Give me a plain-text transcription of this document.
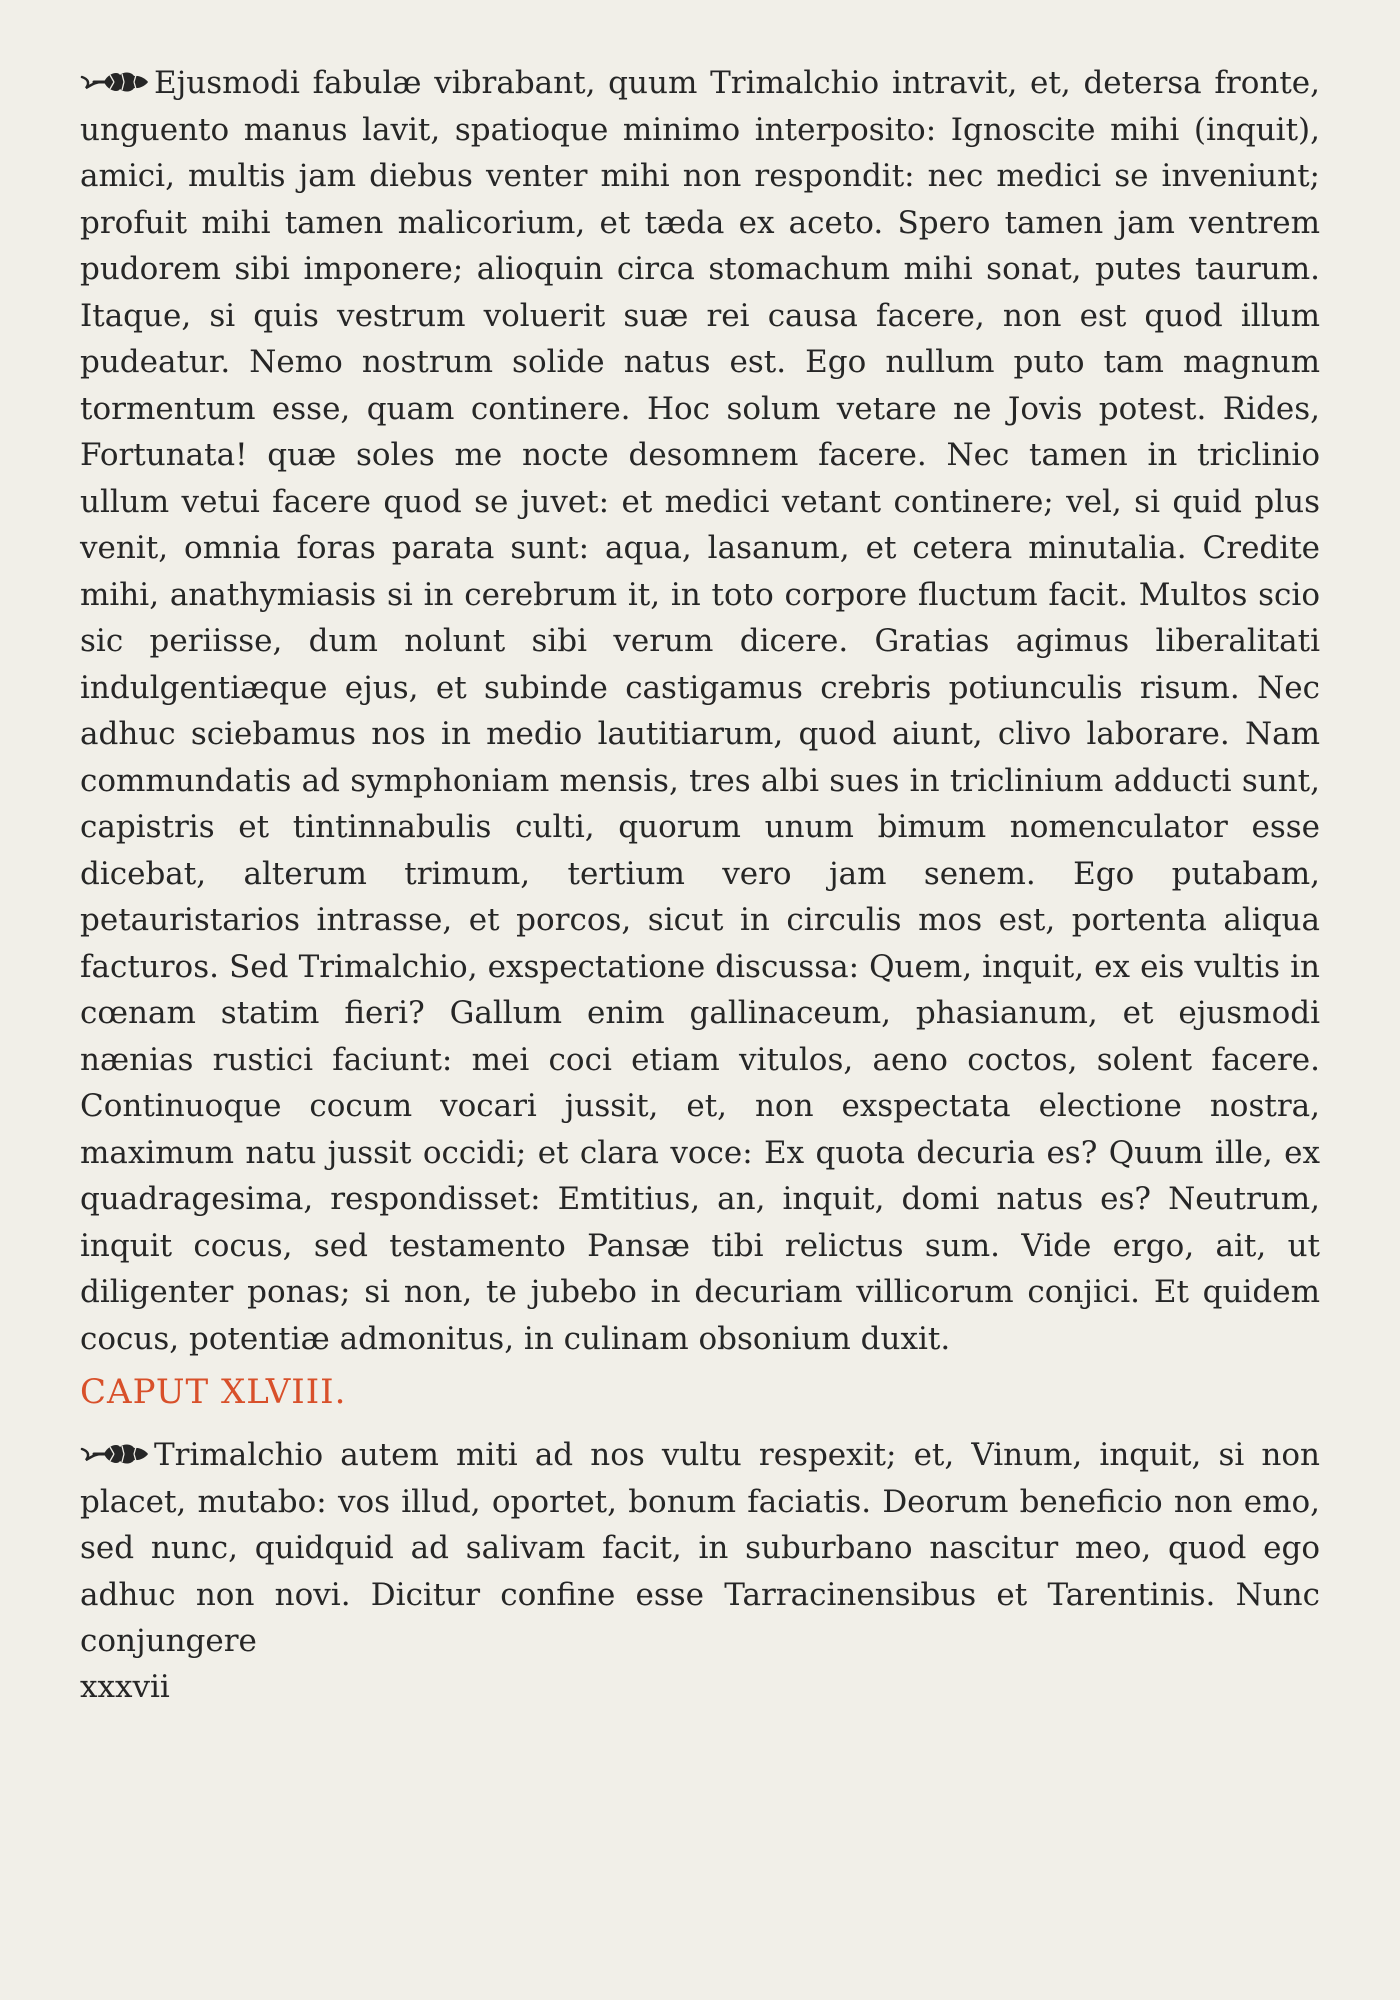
Ejusmodi fabulæ vibrabant, quum Trimalchio intravit, et, detersa fronte, unguento manus lavit, spatioque minimo interposito: Ignoscite mihi (inquit), amici, multis jam diebus venter mihi non respondit: nec medici se inveniunt; profuit mihi tamen malicorium, et tæda ex aceto. Spero tamen jam ventrem pudorem sibi imponere; alioquin circa stomachum mihi sonat, putes taurum. Itaque, si quis vestrum voluerit suæ rei causa facere, non est quod illum pudeatur. Nemo nostrum solide natus est. Ego nullum puto tam magnum tormentum esse, quam continere. Hoc solum vetare ne Jovis potest. Rides, Fortunata! quæ soles me nocte desomnem facere. Nec tamen in triclinio ullum vetui facere quod se juvet: et medici vetant continere; vel, si quid plus venit, omnia foras parata sunt: aqua, lasanum, et cetera minutalia. Credite mihi, anathymiasis si in cerebrum it, in toto corpore fluctum facit. Multos scio sic periisse, dum nolunt sibi verum dicere. Gratias agimus liberalitati indulgentiæque ejus, et subinde castigamus crebris potiunculis risum. Nec adhuc sciebamus nos in medio lautitiarum, quod aiunt, clivo laborare. Nam commundatis ad symphoniam mensis, tres albi sues in triclinium adducti sunt, capistris et tintinnabulis culti, quorum unum bimum nomenculator esse dicebat, alterum trimum, tertium vero jam senem. Ego putabam, petauristarios intrasse, et porcos, sicut in circulis mos est, portenta aliqua facturos. Sed Trimalchio, exspectatione discussa: Quem, inquit, ex eis vultis in cœnam statim fieri? Gallum enim gallinaceum, phasianum, et ejusmodi nænias rustici faciunt: mei coci etiam vitulos, aeno coctos, solent facere. Continuoque cocum vocari jussit, et, non exspectata electione nostra, maximum natu jussit occidi; et clara voce: Ex quota decuria es? Quum ille, ex quadragesima, respondisset: Emtitius, an, inquit, domi natus es? Neutrum, inquit cocus, sed testamento Pansæ tibi relictus sum. Vide ergo, ait, ut diligenter ponas; si non, te jubebo in decuriam villicorum conjici. Et quidem cocus, potentiæ admonitus, in culinam obsonium duxit.

CAPUT XLVIII.

Trimalchio autem miti ad nos vultu respexit; et, Vinum, inquit, si non placet, mutabo: vos illud, oportet, bonum faciatis. Deorum beneficio non emo, sed nunc, quidquid ad salivam facit, in suburbano nascitur meo, quod ego adhuc non novi. Dicitur confine esse Tarracinensibus et Tarentinis. Nunc conjungere

xxxvii
